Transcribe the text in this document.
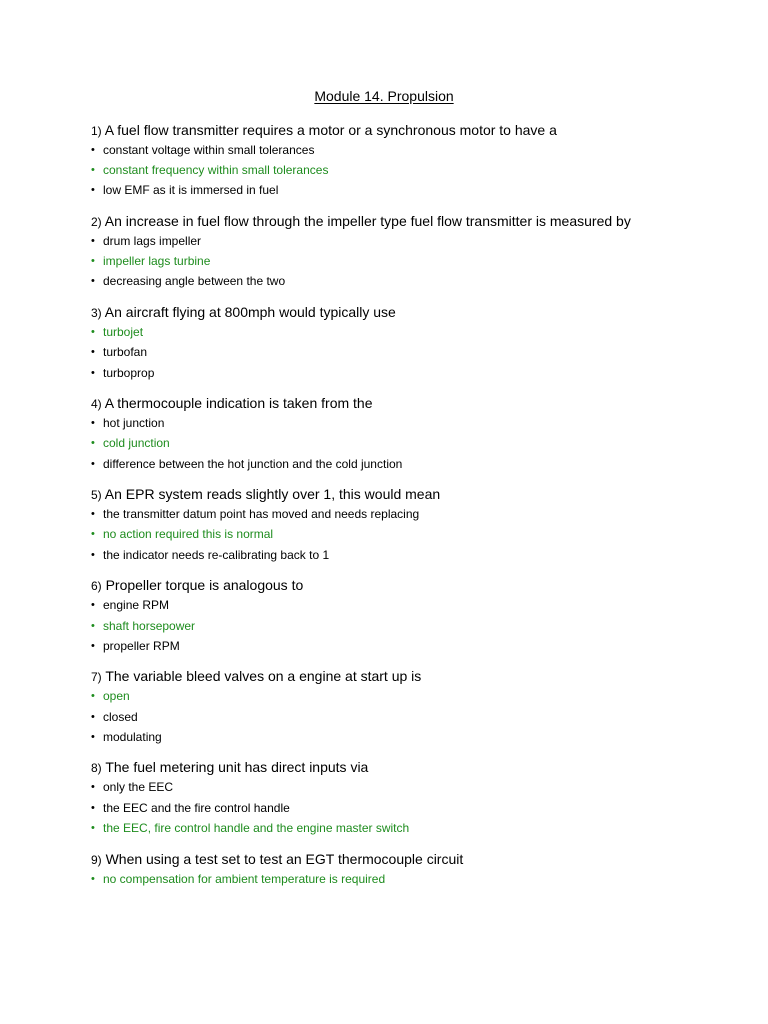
Module 14. Propulsion
1) A fuel flow transmitter requires a motor or a synchronous motor to have a
• constant voltage within small tolerances
• constant frequency within small tolerances
• low EMF as it is immersed in fuel
2) An increase in fuel flow through the impeller type fuel flow transmitter is measured by
• drum lags impeller
• impeller lags turbine
• decreasing angle between the two
3) An aircraft flying at 800mph would typically use
• turbojet
• turbofan
• turboprop
4) A thermocouple indication is taken from the
• hot junction
• cold junction
• difference between the hot junction and the cold junction
5) An EPR system reads slightly over 1, this would mean
• the transmitter datum point has moved and needs replacing
• no action required this is normal
• the indicator needs re-calibrating back to 1
6) Propeller torque is analogous to
• engine RPM
• shaft horsepower
• propeller RPM
7) The variable bleed valves on a engine at start up is
• open
• closed
• modulating
8) The fuel metering unit has direct inputs via
• only the EEC
• the EEC and the fire control handle
• the EEC, fire control handle and the engine master switch
9) When using a test set to test an EGT thermocouple circuit
• no compensation for ambient temperature is required
